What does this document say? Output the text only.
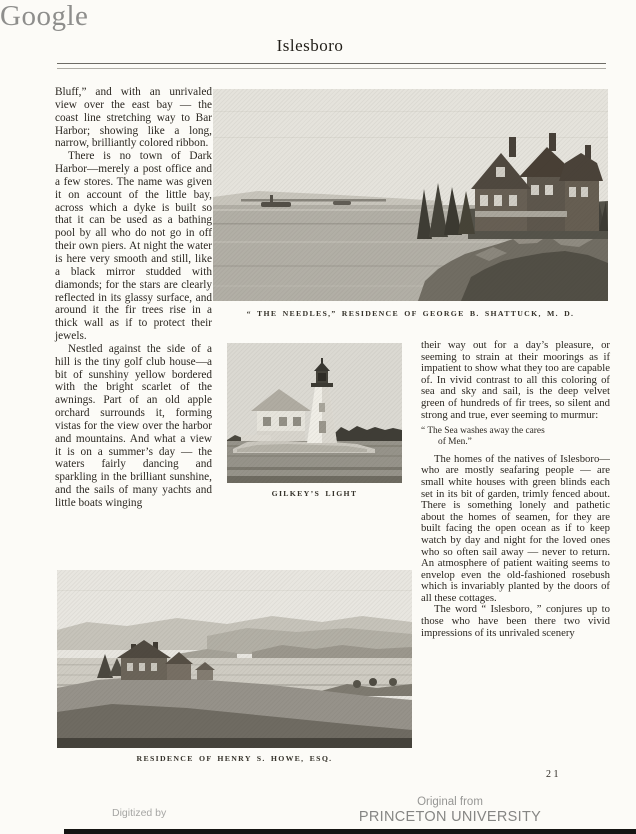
Islesboro

Bluff,” and with an unrivaled view over the east bay — the coast line stretching way to Bar Harbor; showing like a long, narrow, brilliantly colored ribbon.

There is no town of Dark Harbor—merely a post office and a few stores. The name was given it on account of the little bay, across which a dyke is built so that it can be used as a bathing pool by all who do not go in off their own piers. At night the water is here very smooth and still, like a black mirror studded with diamonds; for the stars are clearly reflected in its glassy surface, and around it the fir trees rise in a thick wall as if to protect their jewels.

Nestled against the side of a hill is the tiny golf club house—a bit of sunshiny yellow bordered with the bright scarlet of the awnings. Part of an old apple orchard surrounds it, forming vistas for the view over the harbor and mountains. And what a view it is on a summer’s day — the waters fairly dancing and sparkling in the brilliant sunshine, and the sails of many yachts and little boats winging

“ THE NEEDLES,” RESIDENCE OF GEORGE B. SHATTUCK, M. D.
GILKEY’S LIGHT

their way out for a day’s pleasure, or seeming to strain at their moorings as if impatient to show what they too are capable of. In vivid contrast to all this coloring of sea and sky and sail, is the deep velvet green of hundreds of fir trees, so silent and strong and true, ever seeming to murmur:

“ The Sea washes away the cares
of Men.”

The homes of the natives of Islesboro—who are mostly seafaring people — are small white houses with green blinds each set in its bit of garden, trimly fenced about. There is something lonely and pathetic about the homes of seamen, for they are built facing the open ocean as if to keep watch by day and night for the loved ones who so often sail away — never to return. An atmosphere of patient waiting seems to envelop even the old-fashioned rosebush which is invariably planted by the doors of all these cottages.

The word “ Islesboro, ” conjures up to those who have been there two vivid impressions of its unrivaled scenery

RESIDENCE OF HENRY S. HOWE, ESQ.
21
Digitized by
Google
Original from
PRINCETON UNIVERSITY
